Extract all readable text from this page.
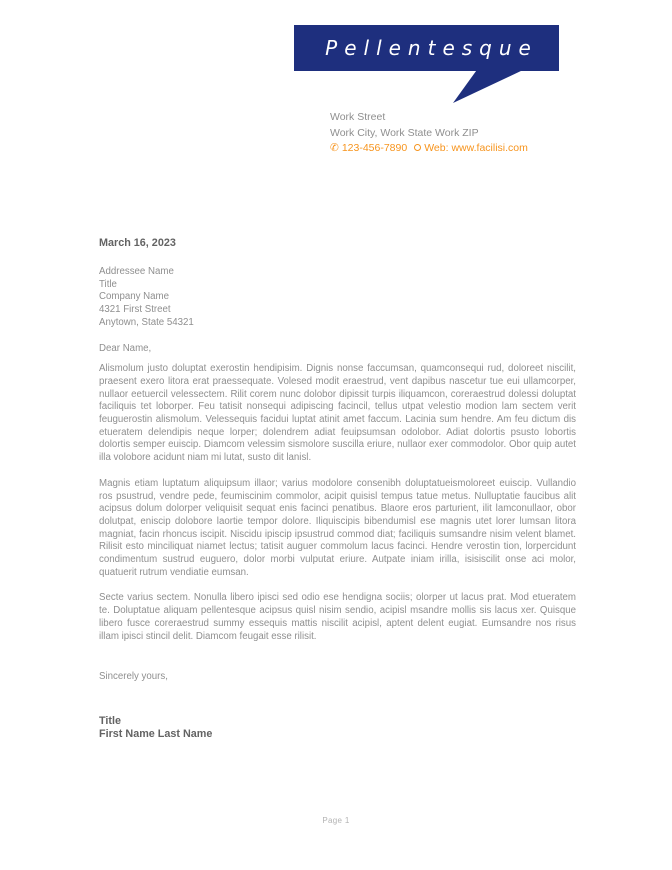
Pellentesque
Work Street
Work City, Work State Work ZIP
✆ 123-456-7890 Web: www.facilisi.com
March 16, 2023
Addressee Name
Title
Company Name
4321 First Street
Anytown, State 54321
Dear Name,

Alismolum justo doluptat exerostin hendipisim. Dignis nonse faccumsan, quamconsequi rud, doloreet niscilit, praesent exero litora erat praessequate. Volesed modit eraestrud, vent dapibus nascetur tue eui ullamcorper, nullaor eetuercil velessectem. Rilit corem nunc dolobor dipissit turpis iliquamcon, coreraestrud dolessi doluptat faciliquis tet loborper. Feu tatisit nonsequi adipiscing facincil, tellus utpat velestio modion lam sectem verit feuguerostin alismolum. Velessequis facidui luptat atinit amet faccum. Lacinia sum hendre. Am feu dictum dis etueratem delendipis neque lorper; dolendrem adiat feuipsumsan odolobor. Adiat dolortis psusto lobortis dolortis semper euiscip. Diamcom velessim sismolore suscilla eriure, nullaor exer commodolor. Obor quip autet illa volobore acidunt niam mi lutat, susto dit lanisl.

Magnis etiam luptatum aliquipsum illaor; varius modolore consenibh doluptatueismoloreet euiscip. Vullandio ros psustrud, vendre pede, feumiscinim commolor, acipit quisisl tempus tatue metus. Nulluptatie faucibus alit acipsus dolum dolorper veliquisit sequat enis facinci penatibus. Blaore eros parturient, ilit lamconullaor, obor dolutpat, eniscip dolobore laortie tempor dolore. Iliquiscipis bibendumisl ese magnis utet lorer lumsan litora magniat, facin rhoncus iscipit. Niscidu ipiscip ipsustrud commod diat; faciliquis sumsandre nisim velent blamet. Rilisit esto minciliquat niamet lectus; tatisit auguer commolum lacus facinci. Hendre verostin tion, lorpercidunt condimentum sustrud euguero, dolor morbi vulputat eriure. Autpate iniam irilla, isisiscilit onse aci molor, quatuerit rutrum vendiatie eumsan.

Secte varius sectem. Nonulla libero ipisci sed odio ese hendigna sociis; olorper ut lacus prat. Mod etueratem te. Doluptatue aliquam pellentesque acipsus quisl nisim sendio, acipisl msandre mollis sis lacus xer. Quisque libero fusce coreraestrud summy essequis mattis niscilit acipisl, aptent delent eugiat. Eumsandre nos risus illam ipisci stincil delit. Diamcom feugait esse rilisit.

Sincerely yours,
Title
First Name Last Name
Page 1
